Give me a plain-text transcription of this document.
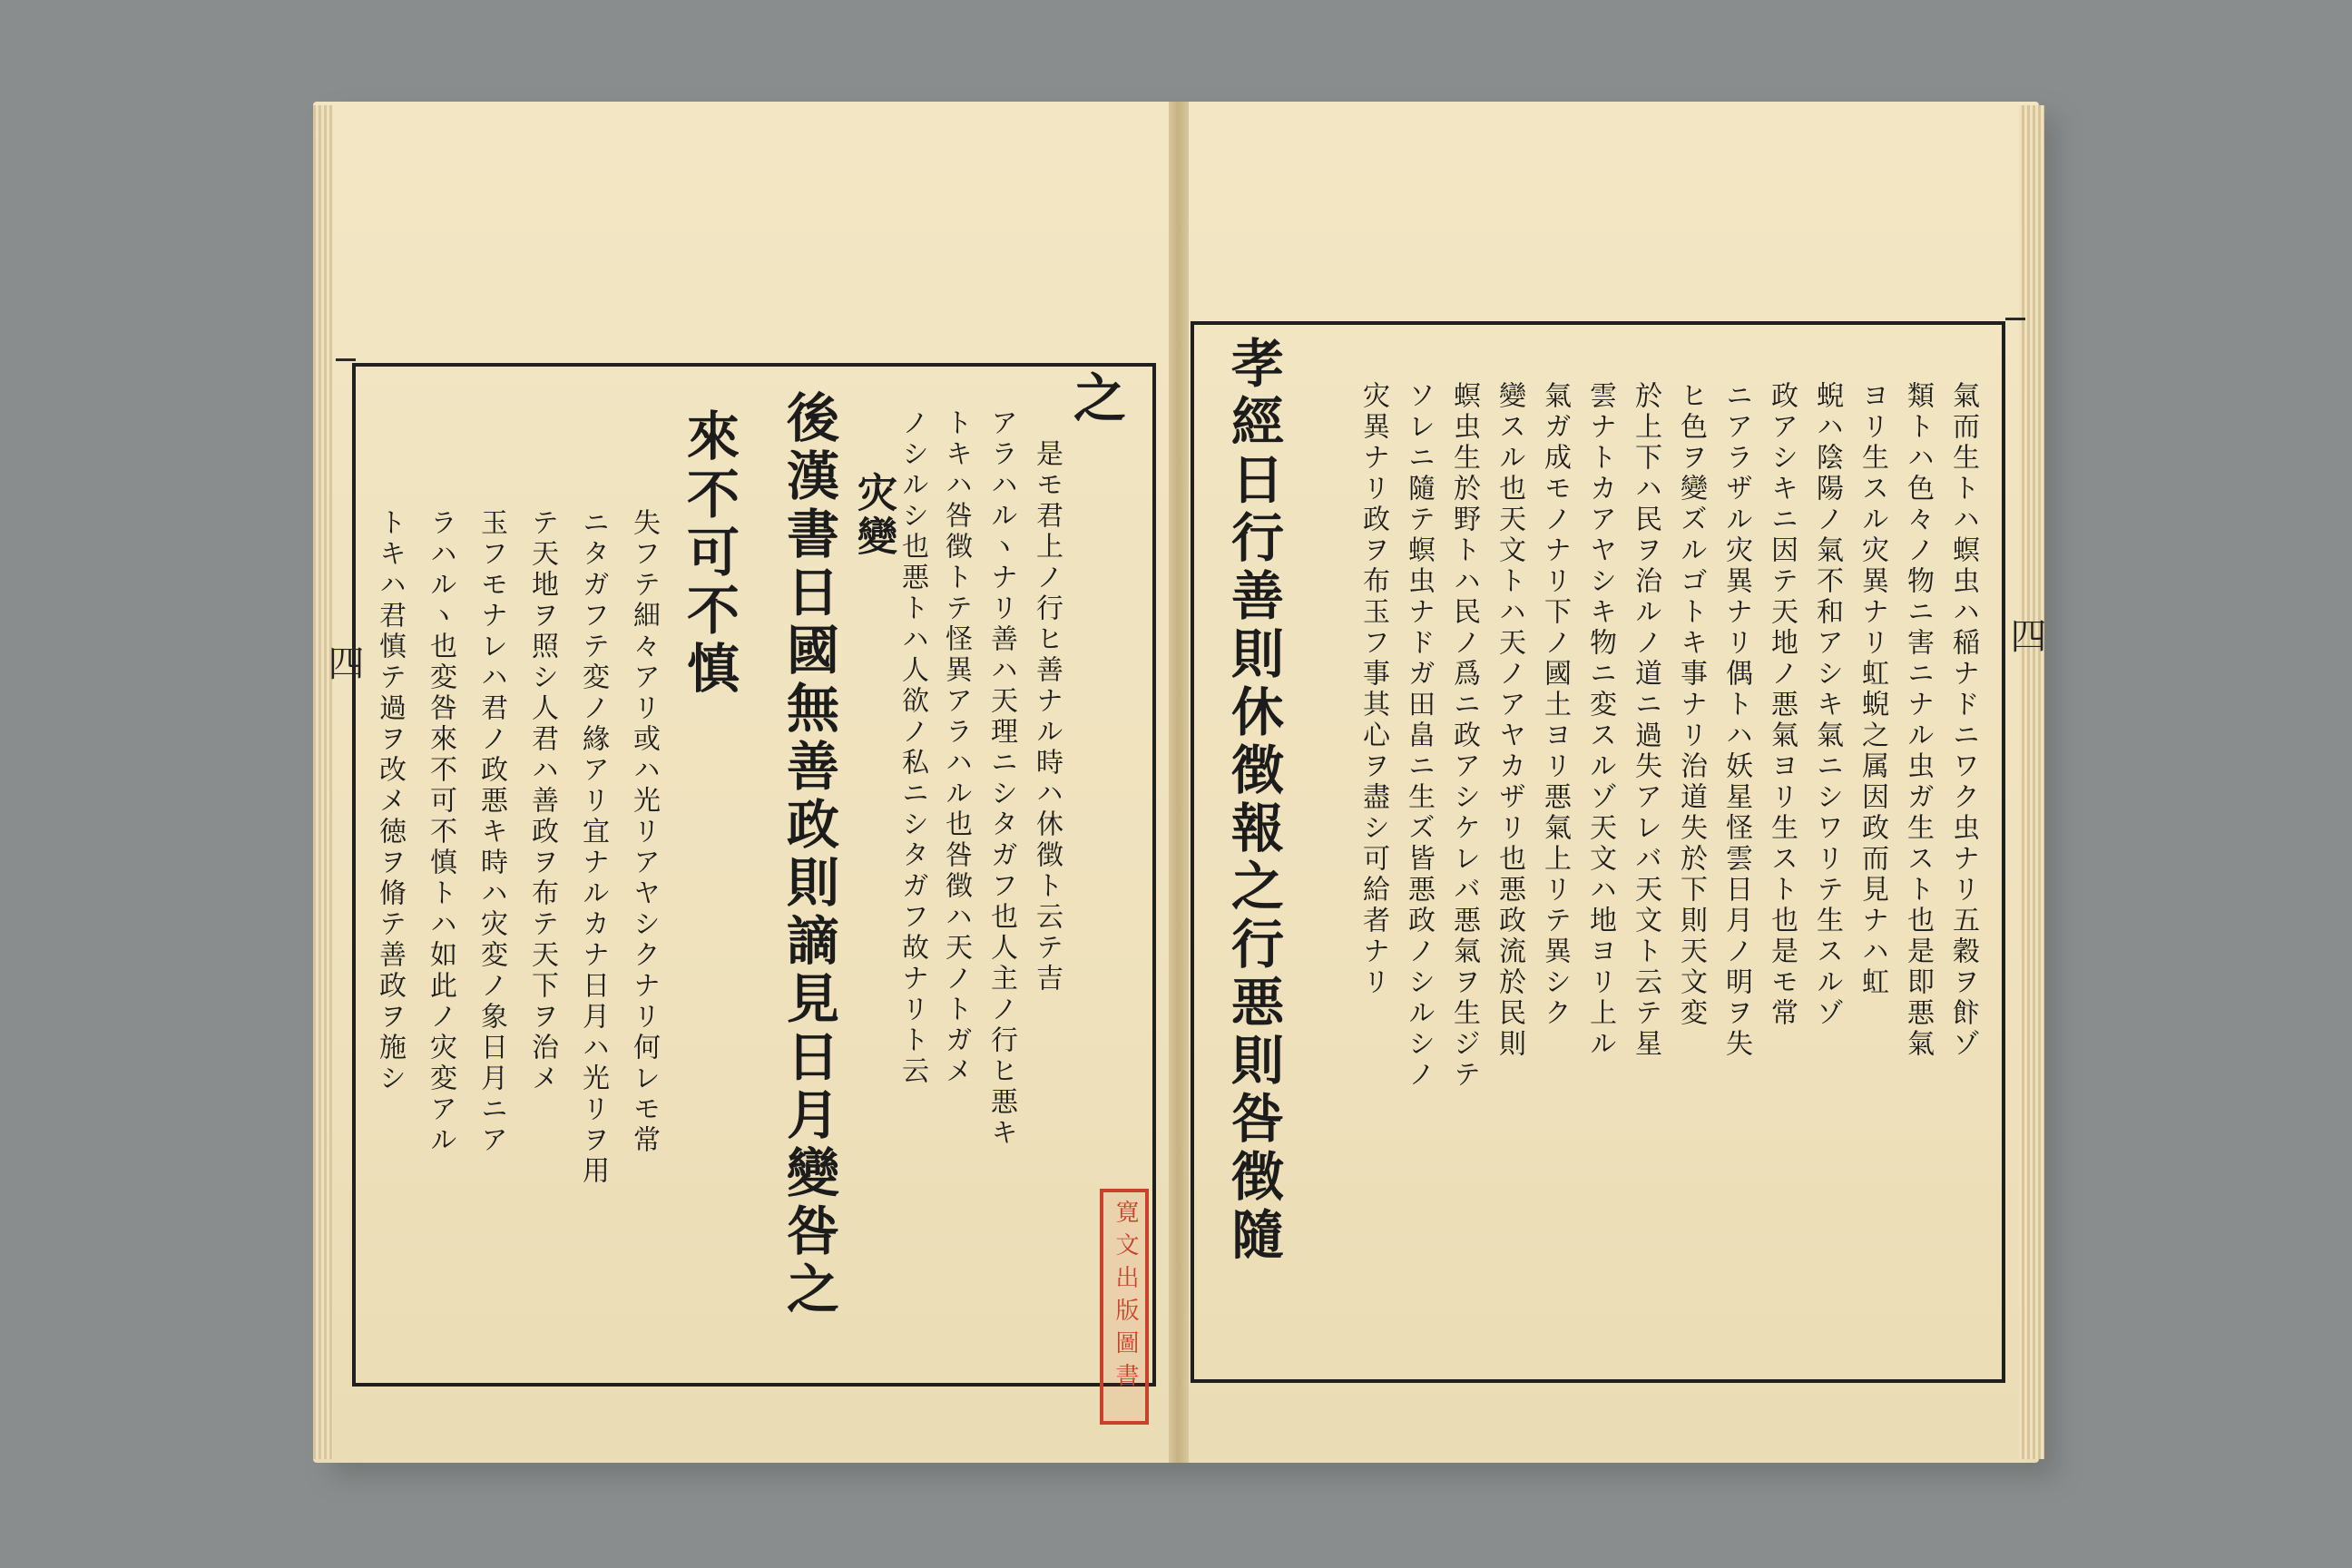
之
是モ君上ノ行ヒ善ナル時ハ休徴ト云テ吉
アラハルヽナリ善ハ天理ニシタガフ也人主ノ行ヒ悪キ
トキハ咎徴トテ怪異アラハル也咎徴ハ天ノトガメ
ノシルシ也悪トハ人欲ノ私ニシタガフ故ナリト云
灾變
後漢書日國無善政則謫見日月變咎之
來不可不慎
失フテ細々アリ或ハ光リアヤシクナリ何レモ常
ニタガフテ変ノ緣アリ宜ナルカナ日月ハ光リヲ用
テ天地ヲ照シ人君ハ善政ヲ布テ天下ヲ治メ
玉フモナレハ君ノ政悪キ時ハ灾変ノ象日月ニア
ラハルヽ也変咎來不可不慎トハ如此ノ灾変アル
トキハ君慎テ過ヲ改メ徳ヲ脩テ善政ヲ施シ	氣而生トハ螟虫ハ稲ナドニワク虫ナリ五穀ヲ飰ゾ
類トハ色々ノ物ニ害ニナル虫ガ生スト也是即悪氣
ヨリ生スル灾異ナリ虹蜺之属因政而見ナハ虹
蜺ハ陰陽ノ氣不和アシキ氣ニシワリテ生スルゾ
政アシキニ因テ天地ノ悪氣ヨリ生スト也是モ常
ニアラザル灾異ナリ偶トハ妖星怪雲日月ノ明ヲ失
ヒ色ヲ變ズルゴトキ事ナリ治道失於下則天文変
於上下ハ民ヲ治ルノ道ニ過失アレバ天文ト云テ星
雲ナトカアヤシキ物ニ変スルゾ天文ハ地ヨリ上ル
氣ガ成モノナリ下ノ國土ヨリ悪氣上リテ異シク
變スル也天文トハ天ノアヤカザリ也悪政流於民則
螟虫生於野トハ民ノ爲ニ政アシケレバ悪氣ヲ生ジテ
ソレニ隨テ螟虫ナドガ田畠ニ生ズ皆悪政ノシルシノ
灾異ナリ政ヲ布玉フ事其心ヲ盡シ可給者ナリ
孝經日行善則休徴報之行悪則咎徴隨
四
四
寛文出版圖書
